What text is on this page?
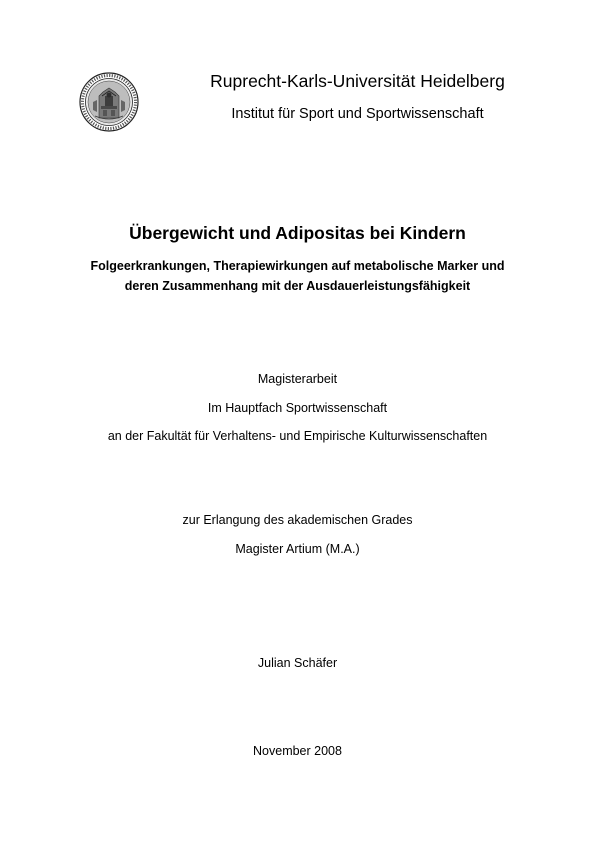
Ruprecht-Karls-Universität Heidelberg
Institut für Sport und Sportwissenschaft
Übergewicht und Adipositas bei Kindern
Folgeerkrankungen, Therapiewirkungen auf metabolische Marker und
deren Zusammenhang mit der Ausdauerleistungsfähigkeit
Magisterarbeit
Im Hauptfach Sportwissenschaft
an der Fakultät für Verhaltens- und Empirische Kulturwissenschaften
zur Erlangung des akademischen Grades
Magister Artium (M.A.)
Julian Schäfer
November 2008
